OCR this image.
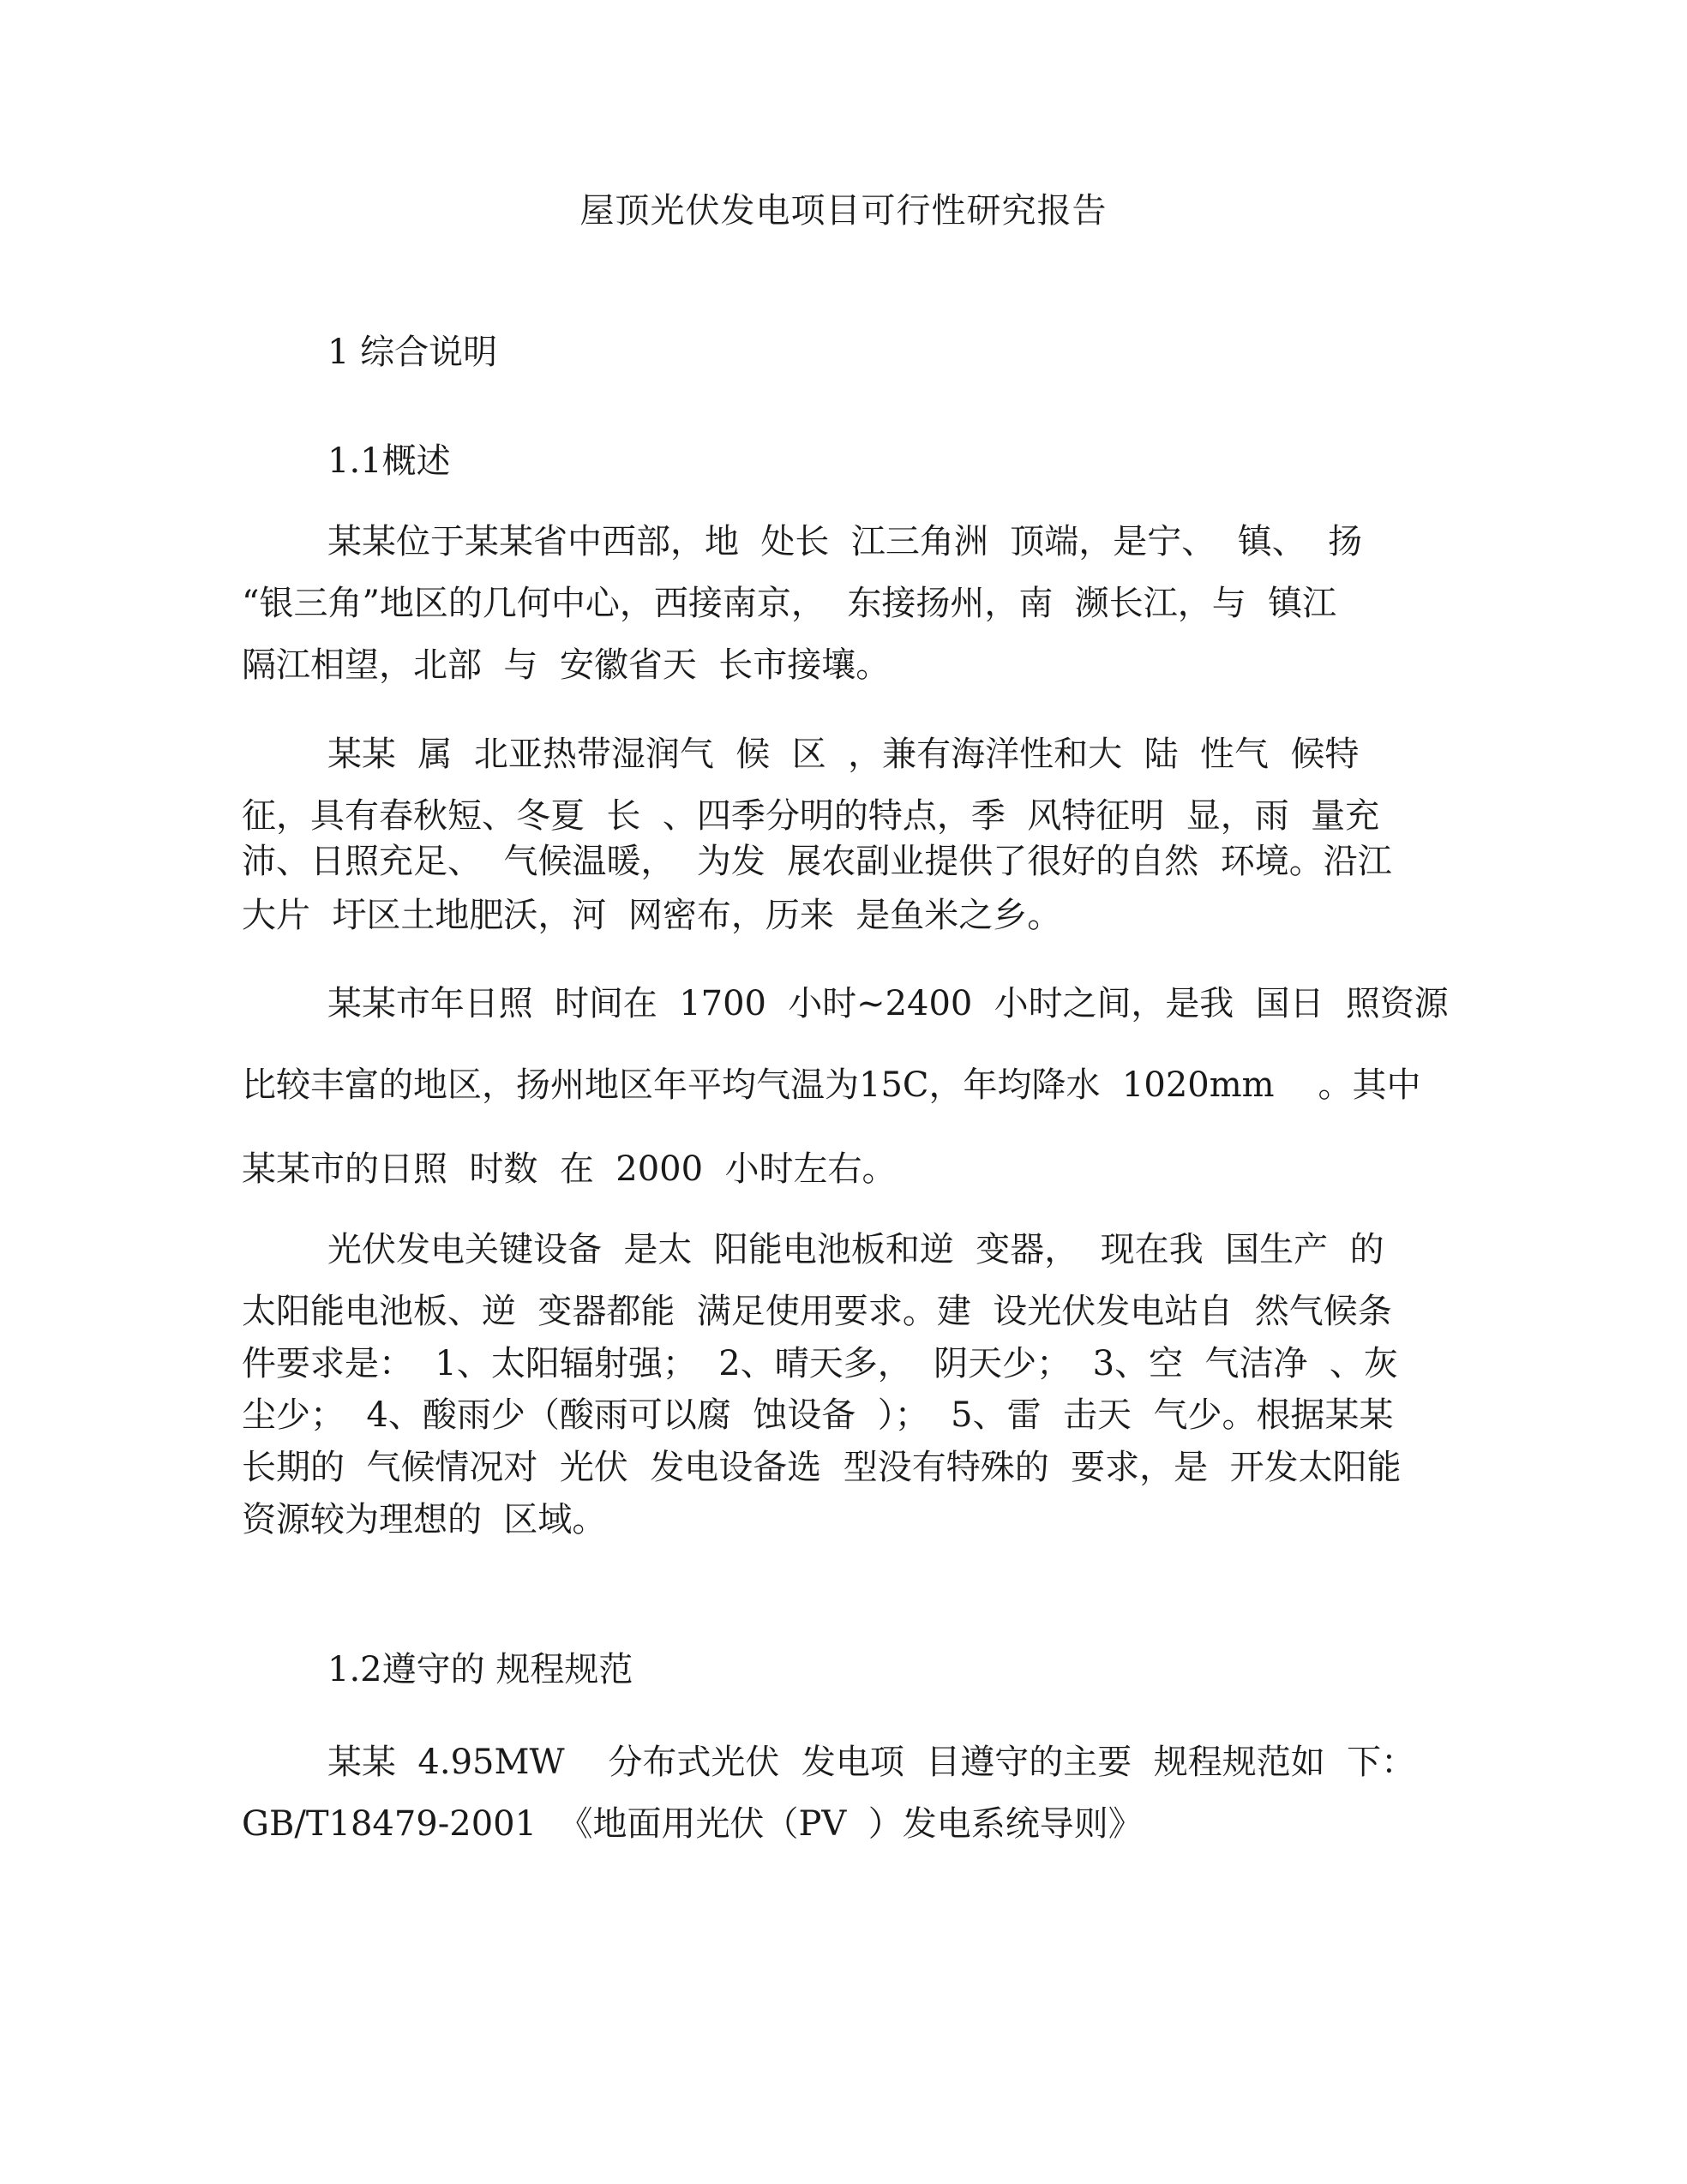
屋顶光伏发电项目可行性研究报告
1 综合说明
1.1概述
某某位于某某省中西部，地  处长  江三角洲  顶端，是宁、  镇、  扬
“银三角”地区的几何中心，西接南京，  东接扬州，南  濒长江，与  镇江
隔江相望，北部  与  安徽省天  长市接壤。
某某  属  北亚热带湿润气  候  区  ，兼有海洋性和大  陆  性气  候特
征，具有春秋短、冬夏  长  、四季分明的特点，季  风特征明  显，雨  量充
沛、日照充足、  气候温暖，  为发  展农副业提供了很好的自然  环境。沿江
大片  圩区土地肥沃，河  网密布，历来  是鱼米之乡。
某某市年日照  时间在  1700  小时~2400  小时之间，是我  国日  照资源
比较丰富的地区，扬州地区年平均气温为15C，年均降水  1020mm    。其中
某某市的日照  时数  在  2000  小时左右。
光伏发电关键设备  是太  阳能电池板和逆  变器，  现在我  国生产  的
太阳能电池板、逆  变器都能  满足使用要求。建  设光伏发电站自  然气候条
件要求是：  1、太阳辐射强；  2、晴天多，  阴天少；  3、空  气洁净  、灰
尘少；  4、酸雨少（酸雨可以腐  蚀设备  ）；  5、雷  击天  气少。根据某某
长期的  气候情况对  光伏  发电设备选  型没有特殊的  要求，是  开发太阳能
资源较为理想的  区域。
1.2遵守的 规程规范
某某  4.95MW    分布式光伏  发电项  目遵守的主要  规程规范如  下：
GB/T18479-2001  《地面用光伏（PV  ）发电系统导则》
